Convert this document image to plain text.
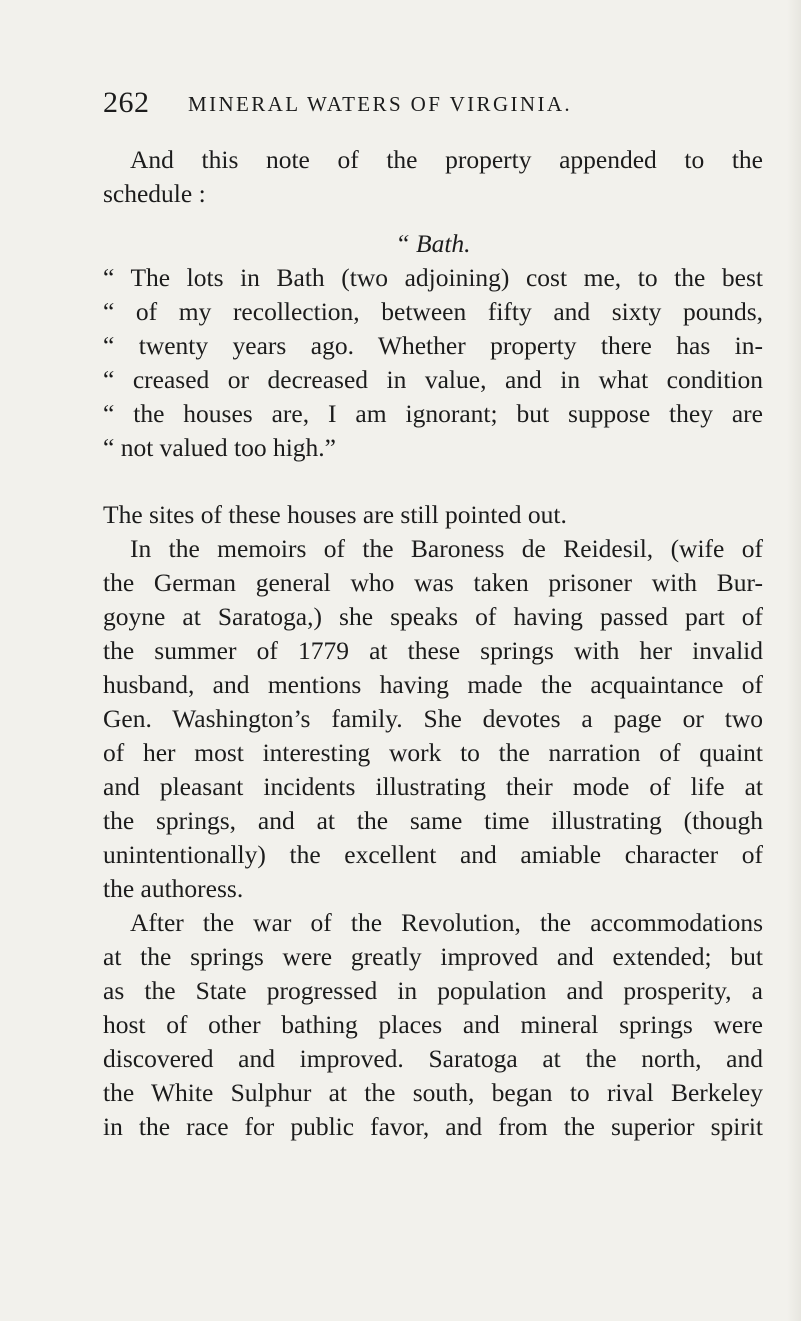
262 MINERAL WATERS OF VIRGINIA.
And this note of the property appended to the
schedule :
“ Bath.
“ The lots in Bath (two adjoining) cost me, to the best
“ of my recollection, between fifty and sixty pounds,
“ twenty years ago. Whether property there has in-
“ creased or decreased in value, and in what condition
“ the houses are, I am ignorant; but suppose they are
“ not valued too high.”
The sites of these houses are still pointed out.
In the memoirs of the Baroness de Reidesil, (wife of
the German general who was taken prisoner with Bur-
goyne at Saratoga,) she speaks of having passed part of
the summer of 1779 at these springs with her invalid
husband, and mentions having made the acquaintance of
Gen. Washington’s family. She devotes a page or two
of her most interesting work to the narration of quaint
and pleasant incidents illustrating their mode of life at
the springs, and at the same time illustrating (though
unintentionally) the excellent and amiable character of
the authoress.
After the war of the Revolution, the accommodations
at the springs were greatly improved and extended; but
as the State progressed in population and prosperity, a
host of other bathing places and mineral springs were
discovered and improved. Saratoga at the north, and
the White Sulphur at the south, began to rival Berkeley
in the race for public favor, and from the superior spirit
